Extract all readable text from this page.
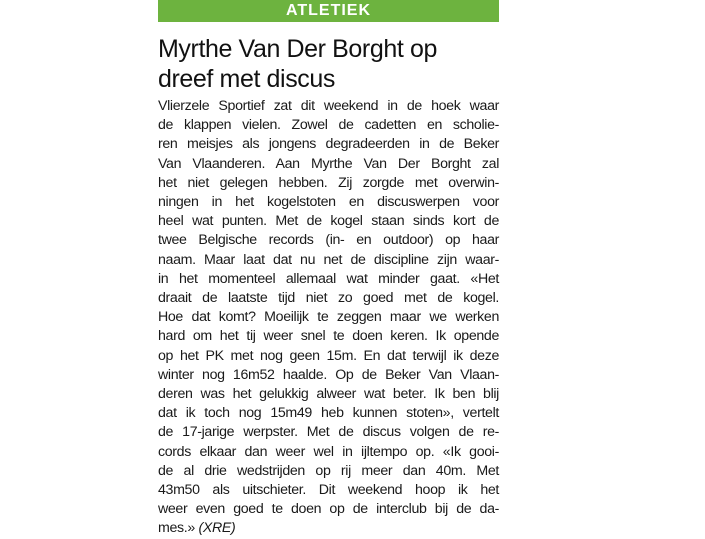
ATLETIEK
Myrthe Van Der Borght op
dreef met discus
Vlierzele Sportief zat dit weekend in de hoek waar
de klappen vielen. Zowel de cadetten en scholie-
ren meisjes als jongens degradeerden in de Beker
Van Vlaanderen. Aan Myrthe Van Der Borght zal
het niet gelegen hebben. Zij zorgde met overwin-
ningen in het kogelstoten en discuswerpen voor
heel wat punten. Met de kogel staan sinds kort de
twee Belgische records (in- en outdoor) op haar
naam. Maar laat dat nu net de discipline zijn waar-
in het momenteel allemaal wat minder gaat. «Het
draait de laatste tijd niet zo goed met de kogel.
Hoe dat komt? Moeilijk te zeggen maar we werken
hard om het tij weer snel te doen keren. Ik opende
op het PK met nog geen 15m. En dat terwijl ik deze
winter nog 16m52 haalde. Op de Beker Van Vlaan-
deren was het gelukkig alweer wat beter. Ik ben blij
dat ik toch nog 15m49 heb kunnen stoten», vertelt
de 17-jarige werpster. Met de discus volgen de re-
cords elkaar dan weer wel in ijltempo op. «Ik gooi-
de al drie wedstrijden op rij meer dan 40m. Met
43m50 als uitschieter. Dit weekend hoop ik het
weer even goed te doen op de interclub bij de da-
mes.» (XRE)
